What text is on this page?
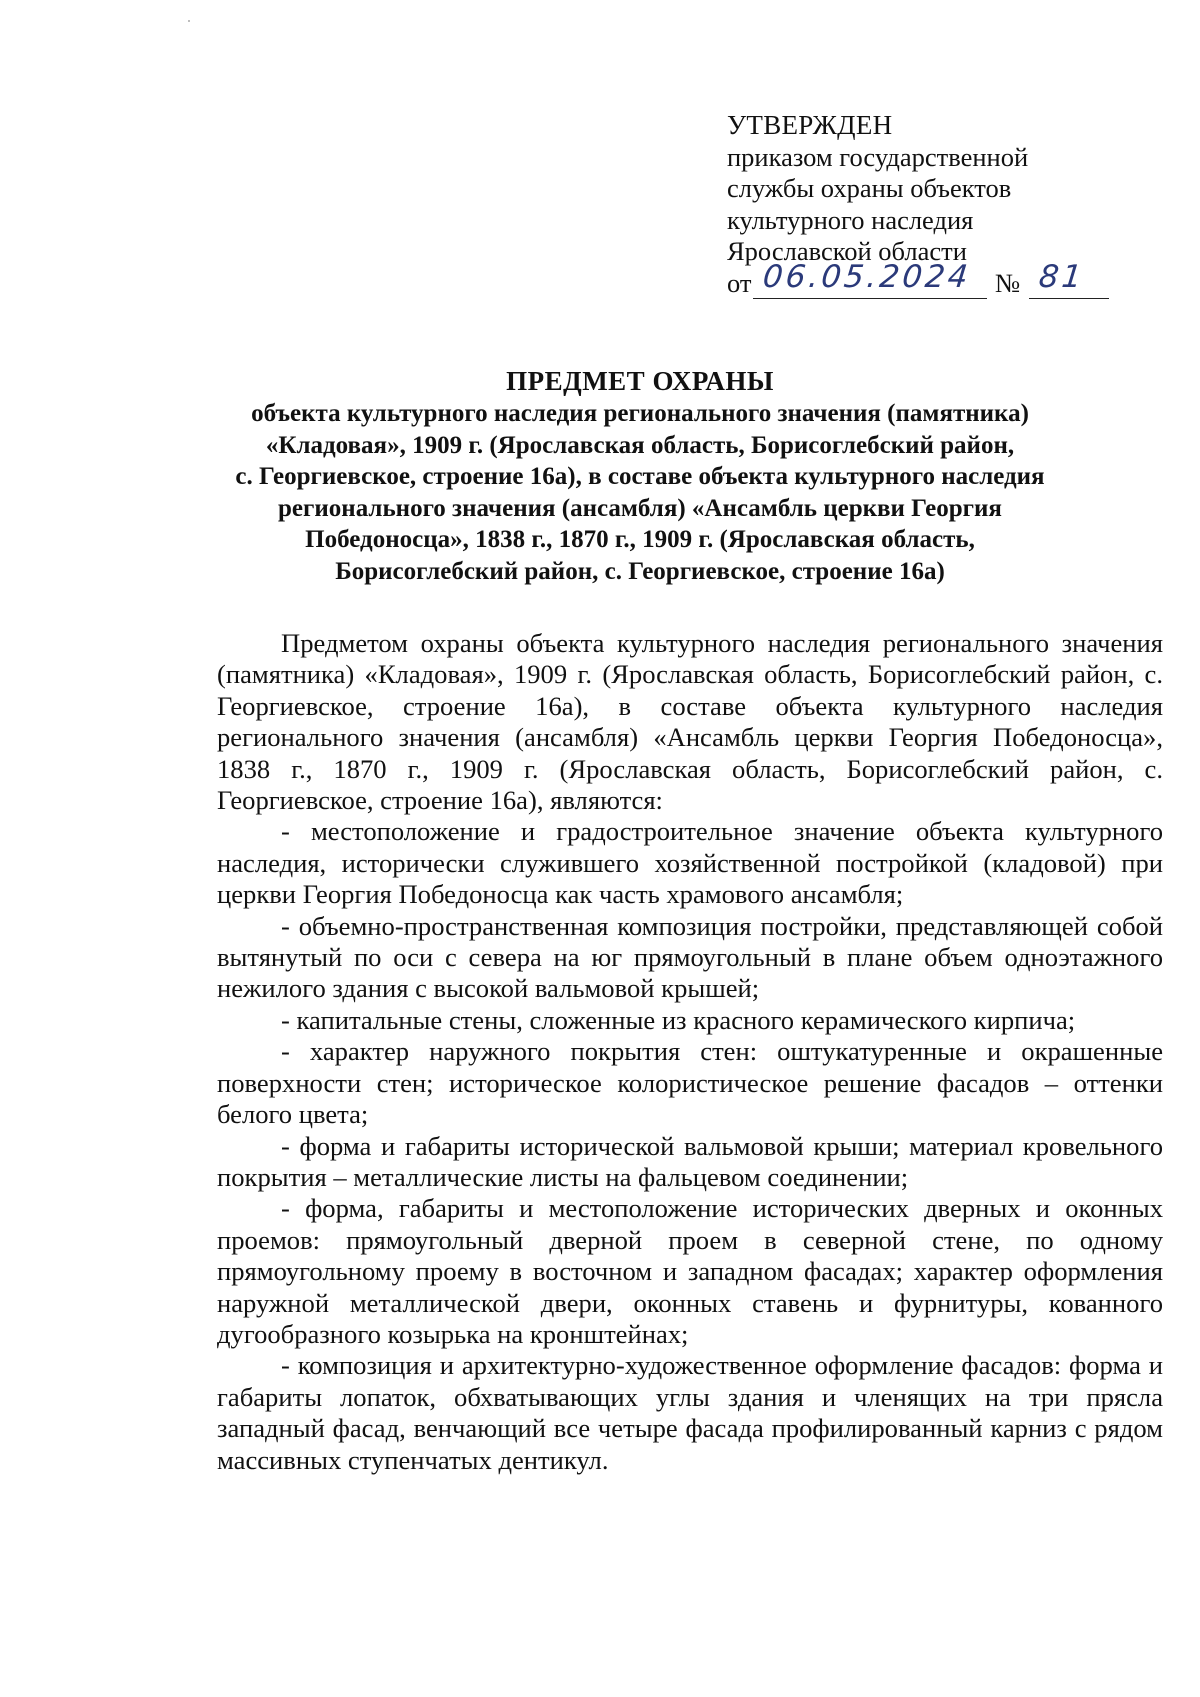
УТВЕРЖДЕН
приказом государственной
службы охраны объектов
культурного наследия
Ярославской области
от 06.05.2024 № 81
ПРЕДМЕТ ОХРАНЫ
объекта культурного наследия регионального значения (памятника)
«Кладовая», 1909 г. (Ярославская область, Борисоглебский район,
с. Георгиевское, строение 16а), в составе объекта культурного наследия
регионального значения (ансамбля) «Ансамбль церкви Георгия
Победоносца», 1838 г., 1870 г., 1909 г. (Ярославская область,
Борисоглебский район, с. Георгиевское, строение 16а)

Предметом охраны объекта культурного наследия регионального значения (памятника) «Кладовая», 1909 г. (Ярославская область, Борисоглебский район, с. Георгиевское, строение 16а), в составе объекта культурного наследия регионального значения (ансамбля) «Ансамбль церкви Георгия Победоносца», 1838 г., 1870 г., 1909 г. (Ярославская область, Борисоглебский район, с. Георгиевское, строение 16а), являются:

- местоположение и градостроительное значение объекта культурного наследия, исторически служившего хозяйственной постройкой (кладовой) при церкви Георгия Победоносца как часть храмового ансамбля;

- объемно-пространственная композиция постройки, представляющей собой вытянутый по оси с севера на юг прямоугольный в плане объем одноэтажного нежилого здания с высокой вальмовой крышей;

- капитальные стены, сложенные из красного керамического кирпича;

- характер наружного покрытия стен: оштукатуренные и окрашенные поверхности стен; историческое колористическое решение фасадов – оттенки белого цвета;

- форма и габариты исторической вальмовой крыши; материал кровельного покрытия – металлические листы на фальцевом соединении;

- форма, габариты и местоположение исторических дверных и оконных проемов: прямоугольный дверной проем в северной стене, по одному прямоугольному проему в восточном и западном фасадах; характер оформления наружной металлической двери, оконных ставень и фурнитуры, кованного дугообразного козырька на кронштейнах;

- композиция и архитектурно-художественное оформление фасадов: форма и габариты лопаток, обхватывающих углы здания и членящих на три прясла западный фасад, венчающий все четыре фасада профилированный карниз с рядом массивных ступенчатых дентикул.
